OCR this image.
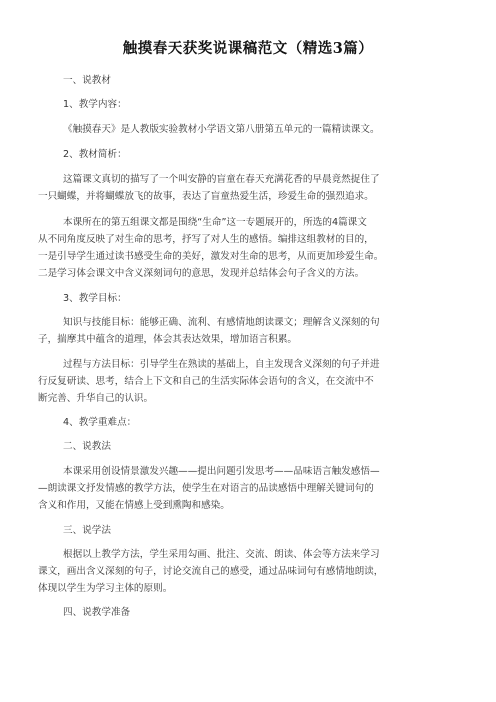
触摸春天获奖说课稿范文（精选3篇）
一、说教材
1、教学内容：
《触摸春天》是人教版实验教材小学语文第八册第五单元的一篇精读课文。
2、教材简析：
这篇课文真切的描写了一个叫安静的盲童在春天充满花香的早晨竟然捉住了
一只蝴蝶，并将蝴蝶放飞的故事，表达了盲童热爱生活，珍爱生命的强烈追求。
本课所在的第五组课文都是围绕“生命”这一专题展开的，所选的4篇课文
从不同角度反映了对生命的思考，抒写了对人生的感悟。编排这组教材的目的，
一是引导学生通过读书感受生命的美好，激发对生命的思考，从而更加珍爱生命。
二是学习体会课文中含义深刻词句的意思，发现并总结体会句子含义的方法。
3、教学目标：
知识与技能目标：能够正确、流利、有感情地朗读课文；理解含义深刻的句
子，揣摩其中蕴含的道理，体会其表达效果，增加语言积累。
过程与方法目标：引导学生在熟读的基础上，自主发现含义深刻的句子并进
行反复研读、思考，结合上下文和自己的生活实际体会语句的含义，在交流中不
断完善、升华自己的认识。
4、教学重难点：
二、说教法
本课采用创设情景激发兴趣——提出问题引发思考——品味语言触发感悟—
—朗读课文抒发情感的教学方法，使学生在对语言的品读感悟中理解关键词句的
含义和作用，又能在情感上受到熏陶和感染。
三、说学法
根据以上教学方法，学生采用勾画、批注、交流、朗读、体会等方法来学习
课文，画出含义深刻的句子，讨论交流自己的感受，通过品味词句有感情地朗读，
体现以学生为学习主体的原则。
四、说教学准备
